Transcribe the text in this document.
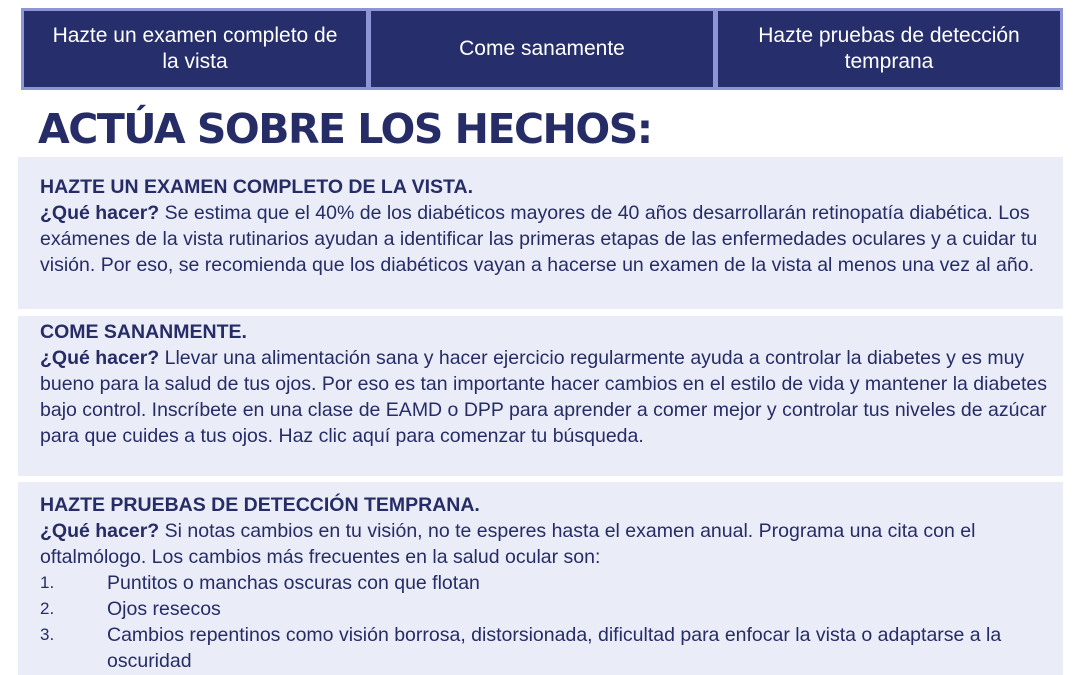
Hazte un examen completo de la vista
Come sanamente
Hazte pruebas de detección temprana
ACTÚA SOBRE LOS HECHOS:

HAZTE UN EXAMEN COMPLETO DE LA VISTA.

¿Qué hacer? Se estima que el 40% de los diabéticos mayores de 40 años desarrollarán retinopatía diabética. Los exámenes de la vista rutinarios ayudan a identificar las primeras etapas de las enfermedades oculares y a cuidar tu visión. Por eso, se recomienda que los diabéticos vayan a hacerse un examen de la vista al menos una vez al año.

COME SANANMENTE.

¿Qué hacer? Llevar una alimentación sana y hacer ejercicio regularmente ayuda a controlar la diabetes y es muy bueno para la salud de tus ojos. Por eso es tan importante hacer cambios en el estilo de vida y mantener la diabetes bajo control. Inscríbete en una clase de EAMD o DPP para aprender a comer mejor y controlar tus niveles de azúcar para que cuides a tus ojos. Haz clic aquí para comenzar tu búsqueda.

HAZTE PRUEBAS DE DETECCIÓN TEMPRANA.

¿Qué hacer? Si notas cambios en tu visión, no te esperes hasta el examen anual. Programa una cita con el oftalmólogo. Los cambios más frecuentes en la salud ocular son:

1.	Puntitos o manchas oscuras con que flotan
2.	Ojos resecos
3.	Cambios repentinos como visión borrosa, distorsionada, dificultad para enfocar la vista o adaptarse a la oscuridad
